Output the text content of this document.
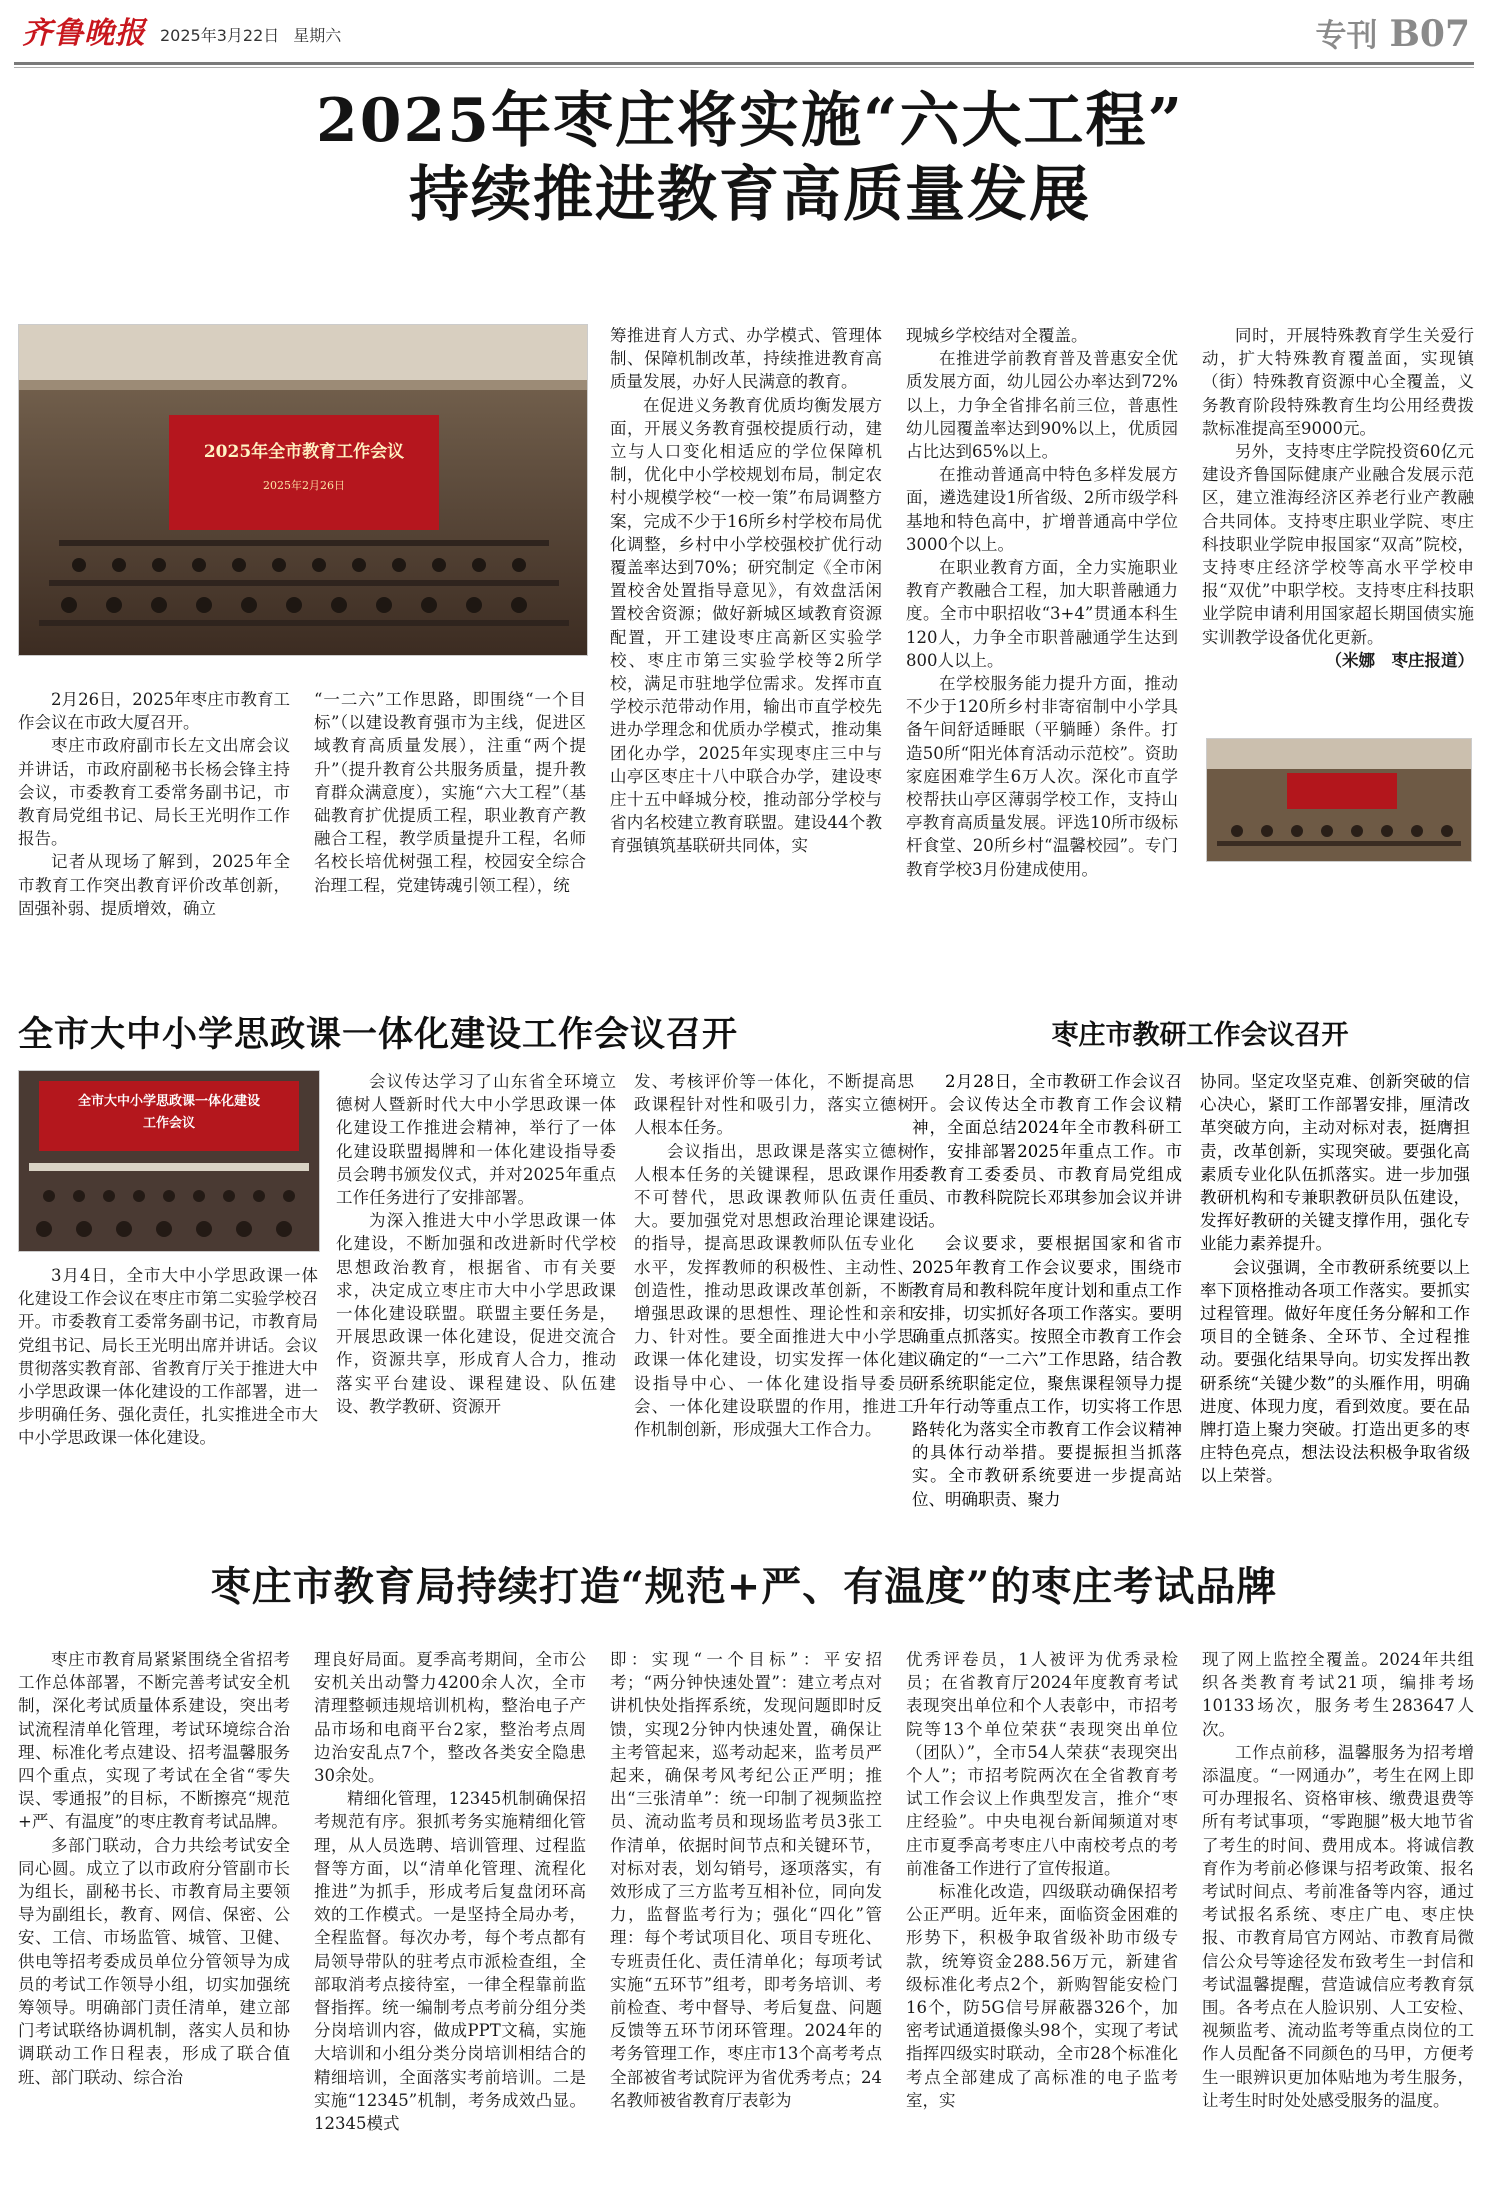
齐鲁晚报 2025年3月22日 星期六	专刊 B07
2025年枣庄将实施“六大工程”
持续推进教育高质量发展
2025年全市教育工作会议
2025年2月26日

2月26日，2025年枣庄市教育工作会议在市政大厦召开。

枣庄市政府副市长左文出席会议并讲话，市政府副秘书长杨会锋主持会议，市委教育工委常务副书记，市教育局党组书记、局长王光明作工作报告。

记者从现场了解到，2025年全市教育工作突出教育评价改革创新，固强补弱、提质增效，确立

“一二六”工作思路，即围绕“一个目标”（以建设教育强市为主线，促进区域教育高质量发展），注重“两个提升”（提升教育公共服务质量，提升教育群众满意度），实施“六大工程”（基础教育扩优提质工程，职业教育产教融合工程，教学质量提升工程，名师名校长培优树强工程，校园安全综合治理工程，党建铸魂引领工程），统

筹推进育人方式、办学模式、管理体制、保障机制改革，持续推进教育高质量发展，办好人民满意的教育。

在促进义务教育优质均衡发展方面，开展义务教育强校提质行动，建立与人口变化相适应的学位保障机制，优化中小学校规划布局，制定农村小规模学校“一校一策”布局调整方案，完成不少于16所乡村学校布局优化调整，乡村中小学校强校扩优行动覆盖率达到70%；研究制定《全市闲置校舍处置指导意见》，有效盘活闲置校舍资源；做好新城区域教育资源配置，开工建设枣庄高新区实验学校、枣庄市第三实验学校等2所学校，满足市驻地学位需求。发挥市直学校示范带动作用，输出市直学校先进办学理念和优质办学模式，推动集团化办学，2025年实现枣庄三中与山亭区枣庄十八中联合办学，建设枣庄十五中峄城分校，推动部分学校与省内名校建立教育联盟。建设44个教育强镇筑基联研共同体，实

现城乡学校结对全覆盖。

在推进学前教育普及普惠安全优质发展方面，幼儿园公办率达到72%以上，力争全省排名前三位，普惠性幼儿园覆盖率达到90%以上，优质园占比达到65%以上。

在推动普通高中特色多样发展方面，遴选建设1所省级、2所市级学科基地和特色高中，扩增普通高中学位3000个以上。

在职业教育方面，全力实施职业教育产教融合工程，加大职普融通力度。全市中职招收“3+4”贯通本科生120人，力争全市职普融通学生达到800人以上。

在学校服务能力提升方面，推动不少于120所乡村非寄宿制中小学具备午间舒适睡眠（平躺睡）条件。打造50所“阳光体育活动示范校”。资助家庭困难学生6万人次。深化市直学校帮扶山亭区薄弱学校工作，支持山亭教育高质量发展。评选10所市级标杆食堂、20所乡村“温馨校园”。专门教育学校3月份建成使用。

同时，开展特殊教育学生关爱行动，扩大特殊教育覆盖面，实现镇（街）特殊教育资源中心全覆盖，义务教育阶段特殊教育生均公用经费拨款标准提高至9000元。

另外，支持枣庄学院投资60亿元建设齐鲁国际健康产业融合发展示范区，建立淮海经济区养老行业产教融合共同体。支持枣庄职业学院、枣庄科技职业学院申报国家“双高”院校，支持枣庄经济学校等高水平学校申报“双优”中职学校。支持枣庄科技职业学院申请利用国家超长期国债实施实训教学设备优化更新。

（米娜　枣庄报道）
全市大中小学思政课一体化建设工作会议召开
全市大中小学思政课一体化建设
工作会议

3月4日，全市大中小学思政课一体化建设工作会议在枣庄市第二实验学校召开。市委教育工委常务副书记，市教育局党组书记、局长王光明出席并讲话。会议贯彻落实教育部、省教育厅关于推进大中小学思政课一体化建设的工作部署，进一步明确任务、强化责任，扎实推进全市大中小学思政课一体化建设。

会议传达学习了山东省全环境立德树人暨新时代大中小学思政课一体化建设工作推进会精神，举行了一体化建设联盟揭牌和一体化建设指导委员会聘书颁发仪式，并对2025年重点工作任务进行了安排部署。

为深入推进大中小学思政课一体化建设，不断加强和改进新时代学校思想政治教育，根据省、市有关要求，决定成立枣庄市大中小学思政课一体化建设联盟。联盟主要任务是，开展思政课一体化建设，促进交流合作，资源共享，形成育人合力，推动落实平台建设、课程建设、队伍建设、教学教研、资源开

发、考核评价等一体化，不断提高思政课程针对性和吸引力，落实立德树人根本任务。

会议指出，思政课是落实立德树人根本任务的关键课程，思政课作用不可替代，思政课教师队伍责任重大。要加强党对思想政治理论课建设的指导，提高思政课教师队伍专业化水平，发挥教师的积极性、主动性、创造性，推动思政课改革创新，不断增强思政课的思想性、理论性和亲和力、针对性。要全面推进大中小学思政课一体化建设，切实发挥一体化建设指导中心、一体化建设指导委员会、一体化建设联盟的作用，推进工作机制创新，形成强大工作合力。

枣庄市教研工作会议召开

2月28日，全市教研工作会议召开。会议传达全市教育工作会议精神，全面总结2024年全市教科研工作，安排部署2025年重点工作。市委教育工委委员、市教育局党组成员、市教科院院长邓琪参加会议并讲话。

会议要求，要根据国家和省市2025年教育工作会议要求，围绕市教育局和教科院年度计划和重点工作安排，切实抓好各项工作落实。要明确重点抓落实。按照全市教育工作会议确定的“一二六”工作思路，结合教研系统职能定位，聚焦课程领导力提升年行动等重点工作，切实将工作思路转化为落实全市教育工作会议精神的具体行动举措。要提振担当抓落实。全市教研系统要进一步提高站位、明确职责、聚力

协同。坚定攻坚克难、创新突破的信心决心，紧盯工作部署安排，厘清改革突破方向，主动对标对表，挺膺担责，改革创新，实现突破。要强化高素质专业化队伍抓落实。进一步加强教研机构和专兼职教研员队伍建设，发挥好教研的关键支撑作用，强化专业能力素养提升。

会议强调，全市教研系统要以上率下顶格推动各项工作落实。要抓实过程管理。做好年度任务分解和工作项目的全链条、全环节、全过程推动。要强化结果导向。切实发挥出教研系统“关键少数”的头雁作用，明确进度、体现力度，看到效度。要在品牌打造上聚力突破。打造出更多的枣庄特色亮点，想法设法积极争取省级以上荣誉。

枣庄市教育局持续打造“规范+严、有温度”的枣庄考试品牌

枣庄市教育局紧紧围绕全省招考工作总体部署，不断完善考试安全机制，深化考试质量体系建设，突出考试流程清单化管理，考试环境综合治理、标准化考点建设、招考温馨服务四个重点，实现了考试在全省“零失误、零通报”的目标，不断擦亮“规范+严、有温度”的枣庄教育考试品牌。

多部门联动，合力共绘考试安全同心圆。成立了以市政府分管副市长为组长，副秘书长、市教育局主要领导为副组长，教育、网信、保密、公安、工信、市场监管、城管、卫健、供电等招考委成员单位分管领导为成员的考试工作领导小组，切实加强统筹领导。明确部门责任清单，建立部门考试联络协调机制，落实人员和协调联动工作日程表，形成了联合值班、部门联动、综合治

理良好局面。夏季高考期间，全市公安机关出动警力4200余人次，全市清理整顿违规培训机构，整治电子产品市场和电商平台2家，整治考点周边治安乱点7个，整改各类安全隐患30余处。

精细化管理，12345机制确保招考规范有序。狠抓考务实施精细化管理，从人员选聘、培训管理、过程监督等方面，以“清单化管理、流程化推进”为抓手，形成考后复盘闭环高效的工作模式。一是坚持全局办考，全程监督。每次办考，每个考点都有局领导带队的驻考点市派检查组，全部取消考点接待室，一律全程靠前监督指挥。统一编制考点考前分组分类分岗培训内容，做成PPT文稿，实施大培训和小组分类分岗培训相结合的精细培训，全面落实考前培训。二是实施“12345”机制，考务成效凸显。12345模式

即：实现“一个目标”：平安招考；“两分钟快速处置”：建立考点对讲机快处指挥系统，发现问题即时反馈，实现2分钟内快速处置，确保让主考管起来，巡考动起来，监考员严起来，确保考风考纪公正严明；推出“三张清单”：统一印制了视频监控员、流动监考员和现场监考员3张工作清单，依据时间节点和关键环节，对标对表，划勾销号，逐项落实，有效形成了三方监考互相补位，同向发力，监督监考行为；强化“四化”管理：每个考试项目化、项目专班化、专班责任化、责任清单化；每项考试实施“五环节”组考，即考务培训、考前检查、考中督导、考后复盘、问题反馈等五环节闭环管理。2024年的考务管理工作，枣庄市13个高考考点全部被省考试院评为省优秀考点；24名教师被省教育厅表彰为

优秀评卷员，1人被评为优秀录检员；在省教育厅2024年度教育考试表现突出单位和个人表彰中，市招考院等13个单位荣获“表现突出单位（团队）”，全市54人荣获“表现突出个人”；市招考院两次在全省教育考试工作会议上作典型发言，推介“枣庄经验”。中央电视台新闻频道对枣庄市夏季高考枣庄八中南校考点的考前准备工作进行了宣传报道。

标准化改造，四级联动确保招考公正严明。近年来，面临资金困难的形势下，积极争取省级补助市级专款，统筹资金288.56万元，新建省级标准化考点2个，新购智能安检门16个，防5G信号屏蔽器326个，加密考试通道摄像头98个，实现了考试指挥四级实时联动，全市28个标准化考点全部建成了高标准的电子监考室，实

现了网上监控全覆盖。2024年共组织各类教育考试21项，编排考场10133场次，服务考生283647人次。

工作点前移，温馨服务为招考增添温度。“一网通办”，考生在网上即可办理报名、资格审核、缴费退费等所有考试事项，“零跑腿”极大地节省了考生的时间、费用成本。将诚信教育作为考前必修课与招考政策、报名考试时间点、考前准备等内容，通过考试报名系统、枣庄广电、枣庄快报、市教育局官方网站、市教育局微信公众号等途径发布致考生一封信和考试温馨提醒，营造诚信应考教育氛围。各考点在人脸识别、人工安检、视频监考、流动监考等重点岗位的工作人员配备不同颜色的马甲，方便考生一眼辨识更加体贴地为考生服务，让考生时时处处感受服务的温度。
